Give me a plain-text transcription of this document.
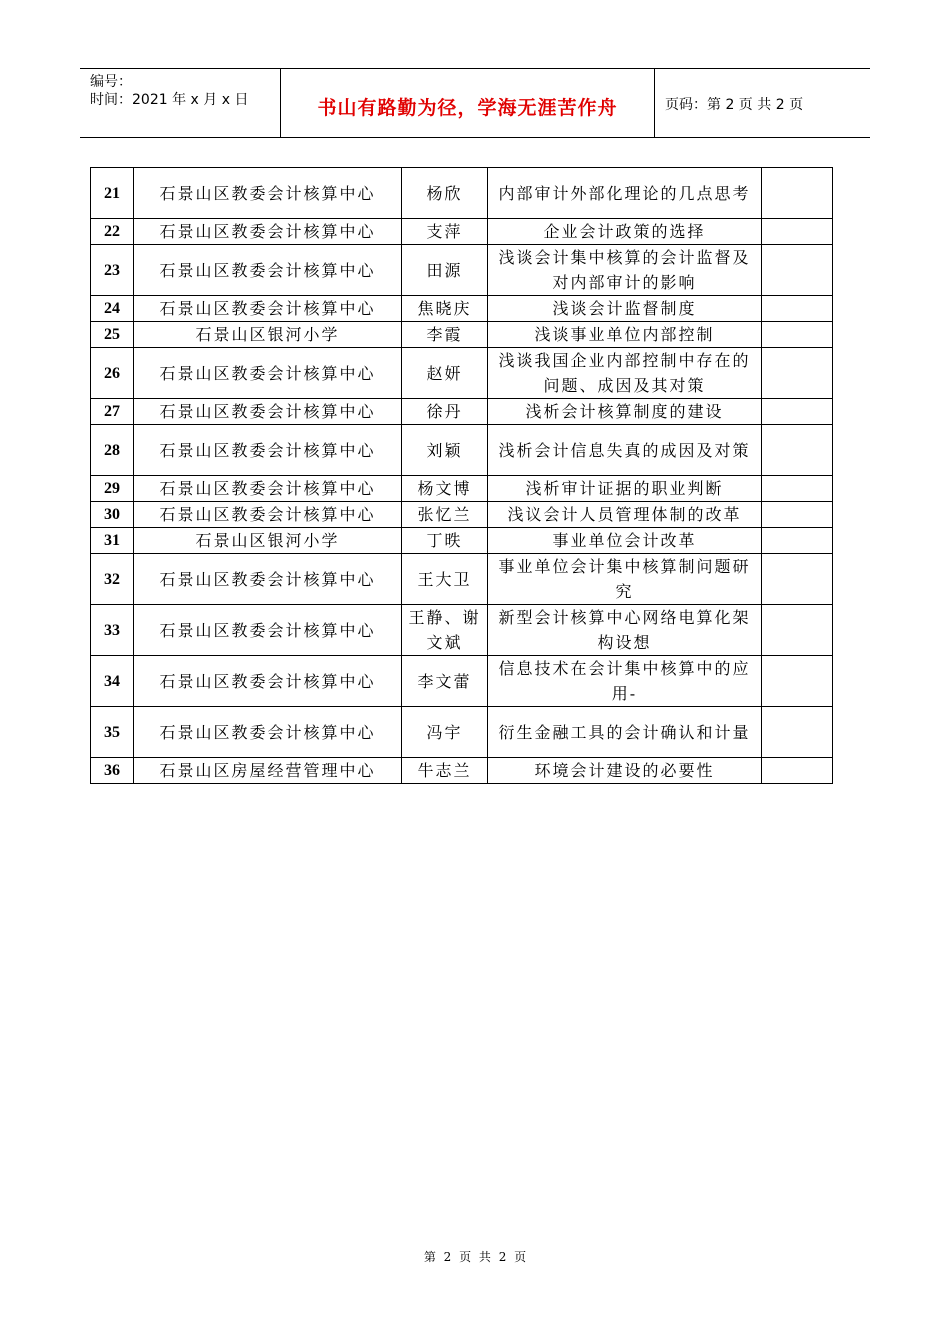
编号：
时间：2021 年 x 月 x 日	书山有路勤为径，学海无涯苦作舟	页码：第 2 页 共 2 页
21	石景山区教委会计核算中心	杨欣	内部审计外部化理论的几点思考	
22	石景山区教委会计核算中心	支萍	企业会计政策的选择	
23	石景山区教委会计核算中心	田源	浅谈会计集中核算的会计监督及对内部审计的影响	
24	石景山区教委会计核算中心	焦晓庆	浅谈会计监督制度	
25	石景山区银河小学	李霞	浅谈事业单位内部控制	
26	石景山区教委会计核算中心	赵妍	浅谈我国企业内部控制中存在的问题、成因及其对策	
27	石景山区教委会计核算中心	徐丹	浅析会计核算制度的建设	
28	石景山区教委会计核算中心	刘颖	浅析会计信息失真的成因及对策	
29	石景山区教委会计核算中心	杨文博	浅析审计证据的职业判断	
30	石景山区教委会计核算中心	张忆兰	浅议会计人员管理体制的改革	
31	石景山区银河小学	丁昳	事业单位会计改革	
32	石景山区教委会计核算中心	王大卫	事业单位会计集中核算制问题研究	
33	石景山区教委会计核算中心	王静、谢文斌	新型会计核算中心网络电算化架构设想	
34	石景山区教委会计核算中心	李文蕾	信息技术在会计集中核算中的应用-	
35	石景山区教委会计核算中心	冯宇	衍生金融工具的会计确认和计量	
36	石景山区房屋经营管理中心	牛志兰	环境会计建设的必要性	
第 2 页 共 2 页
